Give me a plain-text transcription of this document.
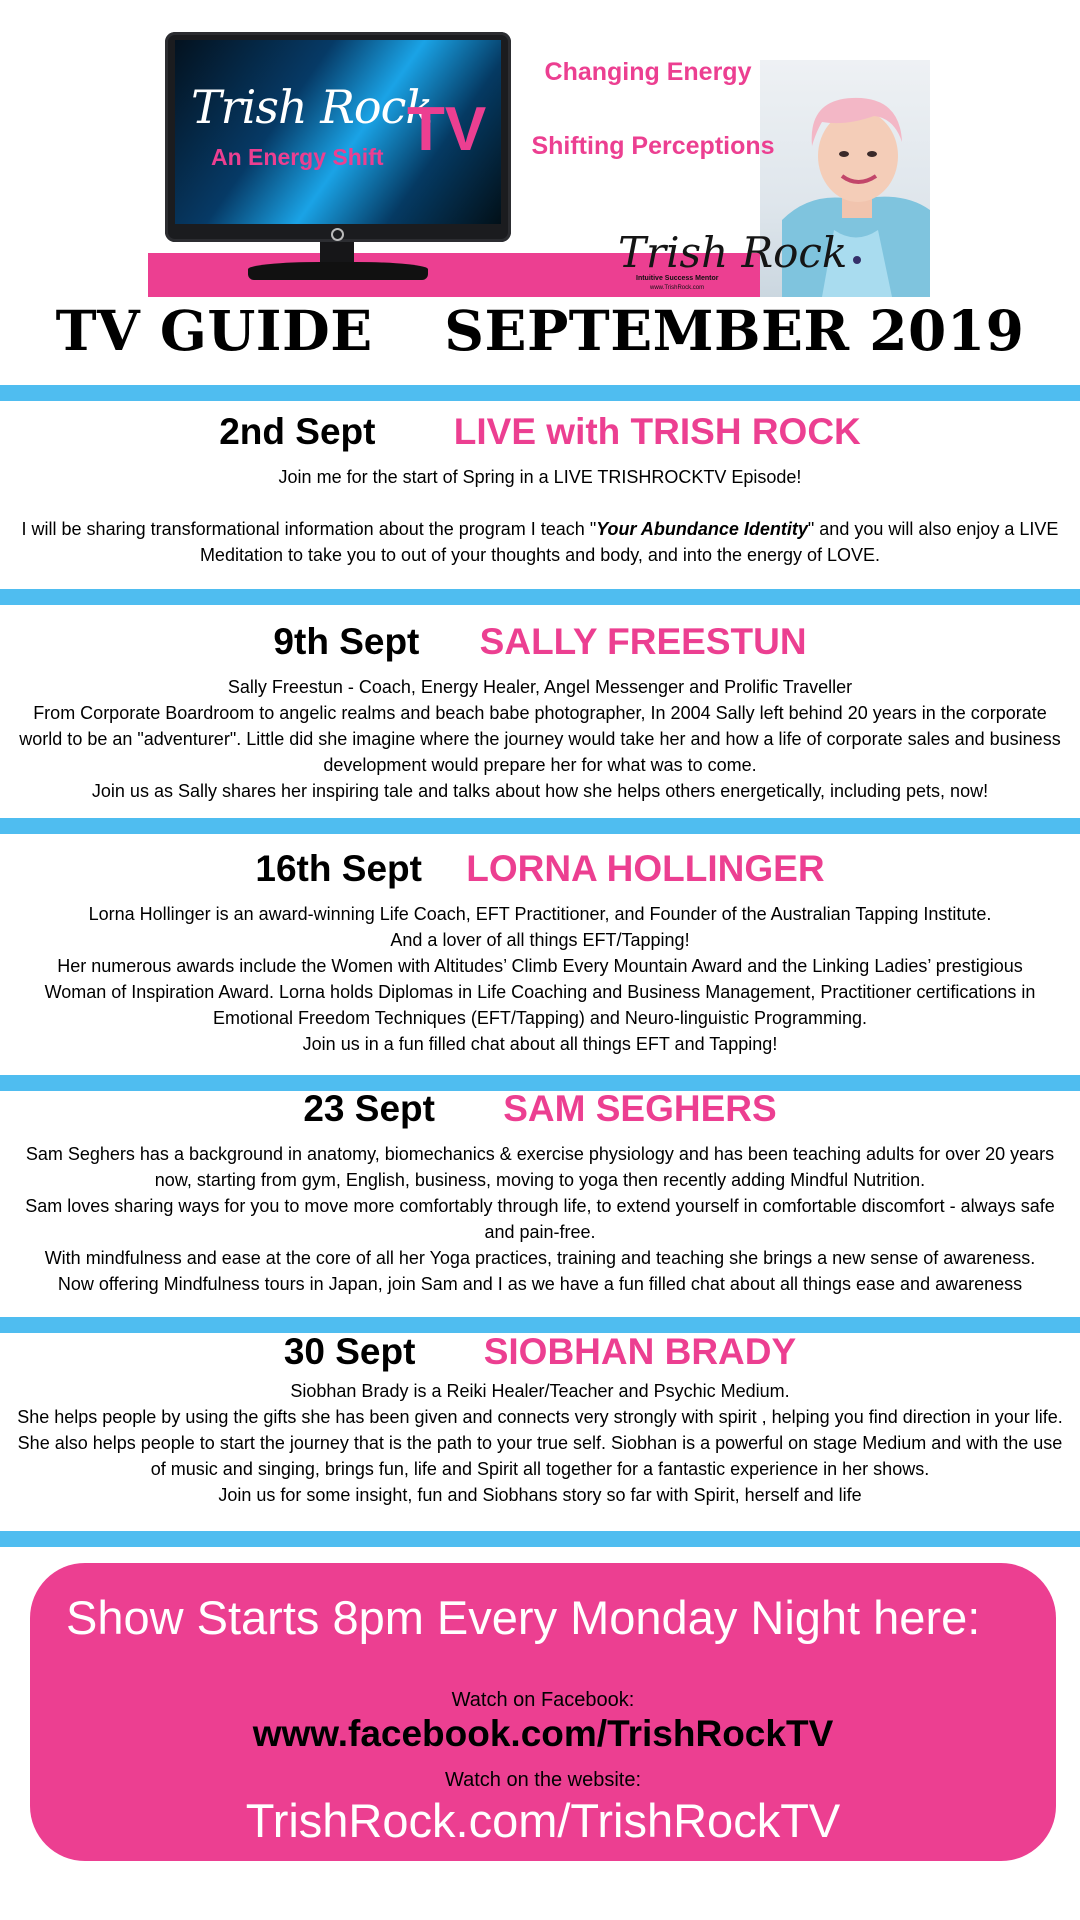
Trish Rock
TV
An Energy Shift
Changing Energy
Shifting Perceptions
Trish Rock
Intuitive Success Mentor
www.TrishRock.com
TV GUIDE SEPTEMBER 2019
2nd Sept LIVE with TRISH ROCK

Join me for the start of Spring in a LIVE TRISHROCKTV Episode!

I will be sharing transformational information about the program I teach "Your Abundance Identity" and you will also enjoy a LIVE Meditation to take you to out of your thoughts and body, and into the energy of LOVE.

9th Sept SALLY FREESTUN

Sally Freestun - Coach, Energy Healer, Angel Messenger and Prolific Traveller

From Corporate Boardroom to angelic realms and beach babe photographer, In 2004 Sally left behind 20 years in the corporate world to be an "adventurer". Little did she imagine where the journey would take her and how a life of corporate sales and business development would prepare her for what was to come.

Join us as Sally shares her inspiring tale and talks about how she helps others energetically, including pets, now!

16th Sept LORNA HOLLINGER

Lorna Hollinger is an award-winning Life Coach, EFT Practitioner, and Founder of the Australian Tapping Institute.

And a lover of all things EFT/Tapping!

Her numerous awards include the Women with Altitudes’ Climb Every Mountain Award and the Linking Ladies’ prestigious Woman of Inspiration Award. Lorna holds Diplomas in Life Coaching and Business Management, Practitioner certifications in Emotional Freedom Techniques (EFT/Tapping) and Neuro-linguistic Programming.

Join us in a fun filled chat about all things EFT and Tapping!

23 Sept SAM SEGHERS

Sam Seghers has a background in anatomy, biomechanics & exercise physiology and has been teaching adults for over 20 years now, starting from gym, English, business, moving to yoga then recently adding Mindful Nutrition.

Sam loves sharing ways for you to move more comfortably through life, to extend yourself in comfortable discomfort - always safe and pain-free.

With mindfulness and ease at the core of all her Yoga practices, training and teaching she brings a new sense of awareness.

Now offering Mindfulness tours in Japan, join Sam and I as we have a fun filled chat about all things ease and awareness

30 Sept SIOBHAN BRADY

Siobhan Brady is a Reiki Healer/Teacher and Psychic Medium.

She helps people by using the gifts she has been given and connects very strongly with spirit , helping you find direction in your life. She also helps people to start the journey that is the path to your true self. Siobhan is a powerful on stage Medium and with the use of music and singing, brings fun, life and Spirit all together for a fantastic experience in her shows.

Join us for some insight, fun and Siobhans story so far with Spirit, herself and life

Show Starts 8pm Every Monday Night here:
Watch on Facebook:
www.facebook.com/TrishRockTV
Watch on the website:
TrishRock.com/TrishRockTV
